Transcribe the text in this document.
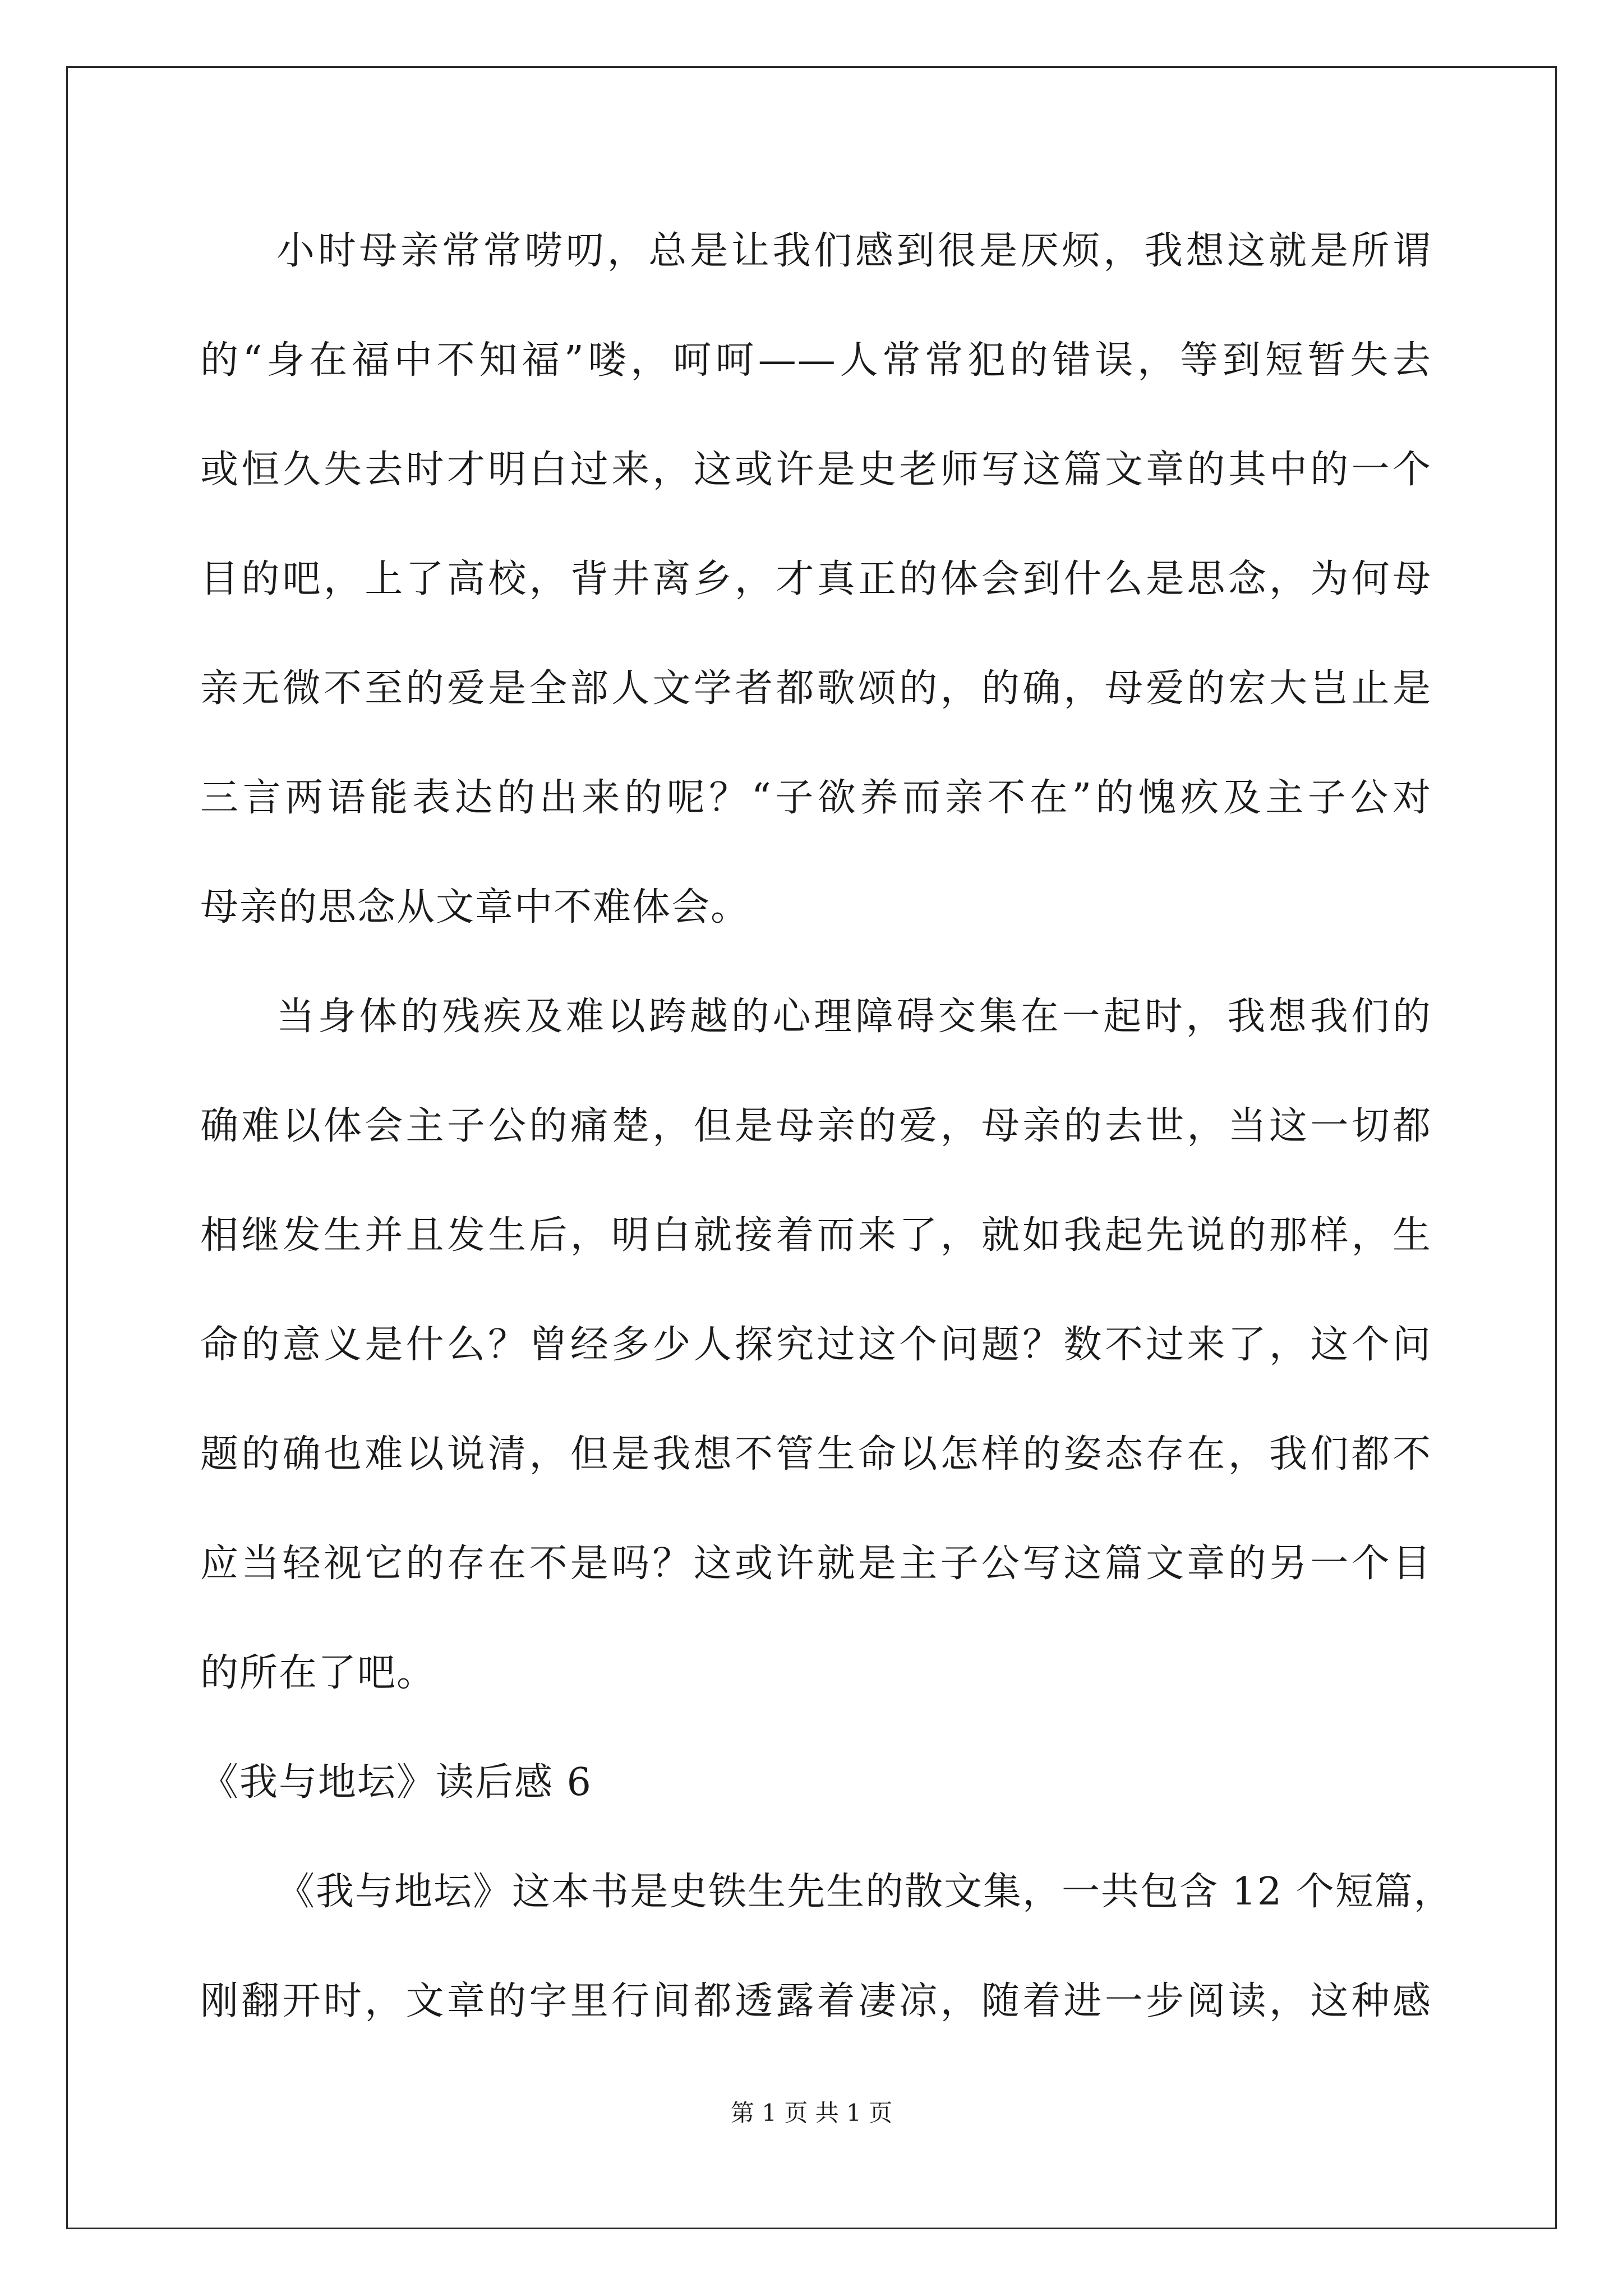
小时母亲常常唠叨，总是让我们感到很是厌烦，我想这就是所谓
的“身在福中不知福”喽，呵呵——人常常犯的错误，等到短暂失去
或恒久失去时才明白过来，这或许是史老师写这篇文章的其中的一个
目的吧，上了高校，背井离乡，才真正的体会到什么是思念，为何母
亲无微不至的爱是全部人文学者都歌颂的，的确，母爱的宏大岂止是
三言两语能表达的出来的呢？“子欲养而亲不在”的愧疚及主子公对
母亲的思念从文章中不难体会。
当身体的残疾及难以跨越的心理障碍交集在一起时，我想我们的
确难以体会主子公的痛楚，但是母亲的爱，母亲的去世，当这一切都
相继发生并且发生后，明白就接着而来了，就如我起先说的那样，生
命的意义是什么？曾经多少人探究过这个问题？数不过来了，这个问
题的确也难以说清，但是我想不管生命以怎样的姿态存在，我们都不
应当轻视它的存在不是吗？这或许就是主子公写这篇文章的另一个目
的所在了吧。
《我与地坛》读后感 6
《我与地坛》这本书是史铁生先生的散文集，一共包含 12 个短篇，
刚翻开时，文章的字里行间都透露着凄凉，随着进一步阅读，这种感
第 1 页 共 1 页
